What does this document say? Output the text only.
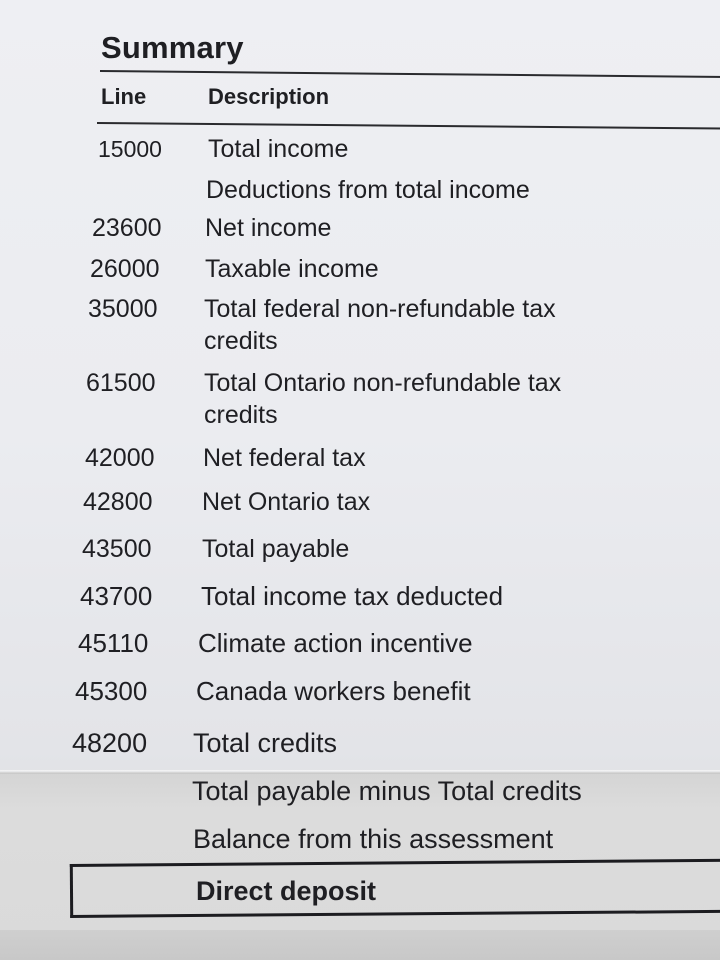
Summary
Line	Description
15000 Total income
Deductions from total income
23600 Net income
26000 Taxable income
35000 Total federal non-refundable tax credits
61500 Total Ontario non-refundable tax credits
42000 Net federal tax
42800 Net Ontario tax
43500 Total payable
43700 Total income tax deducted
45110 Climate action incentive
45300 Canada workers benefit
48200 Total credits
Total payable minus Total credits
Balance from this assessment
Direct deposit
